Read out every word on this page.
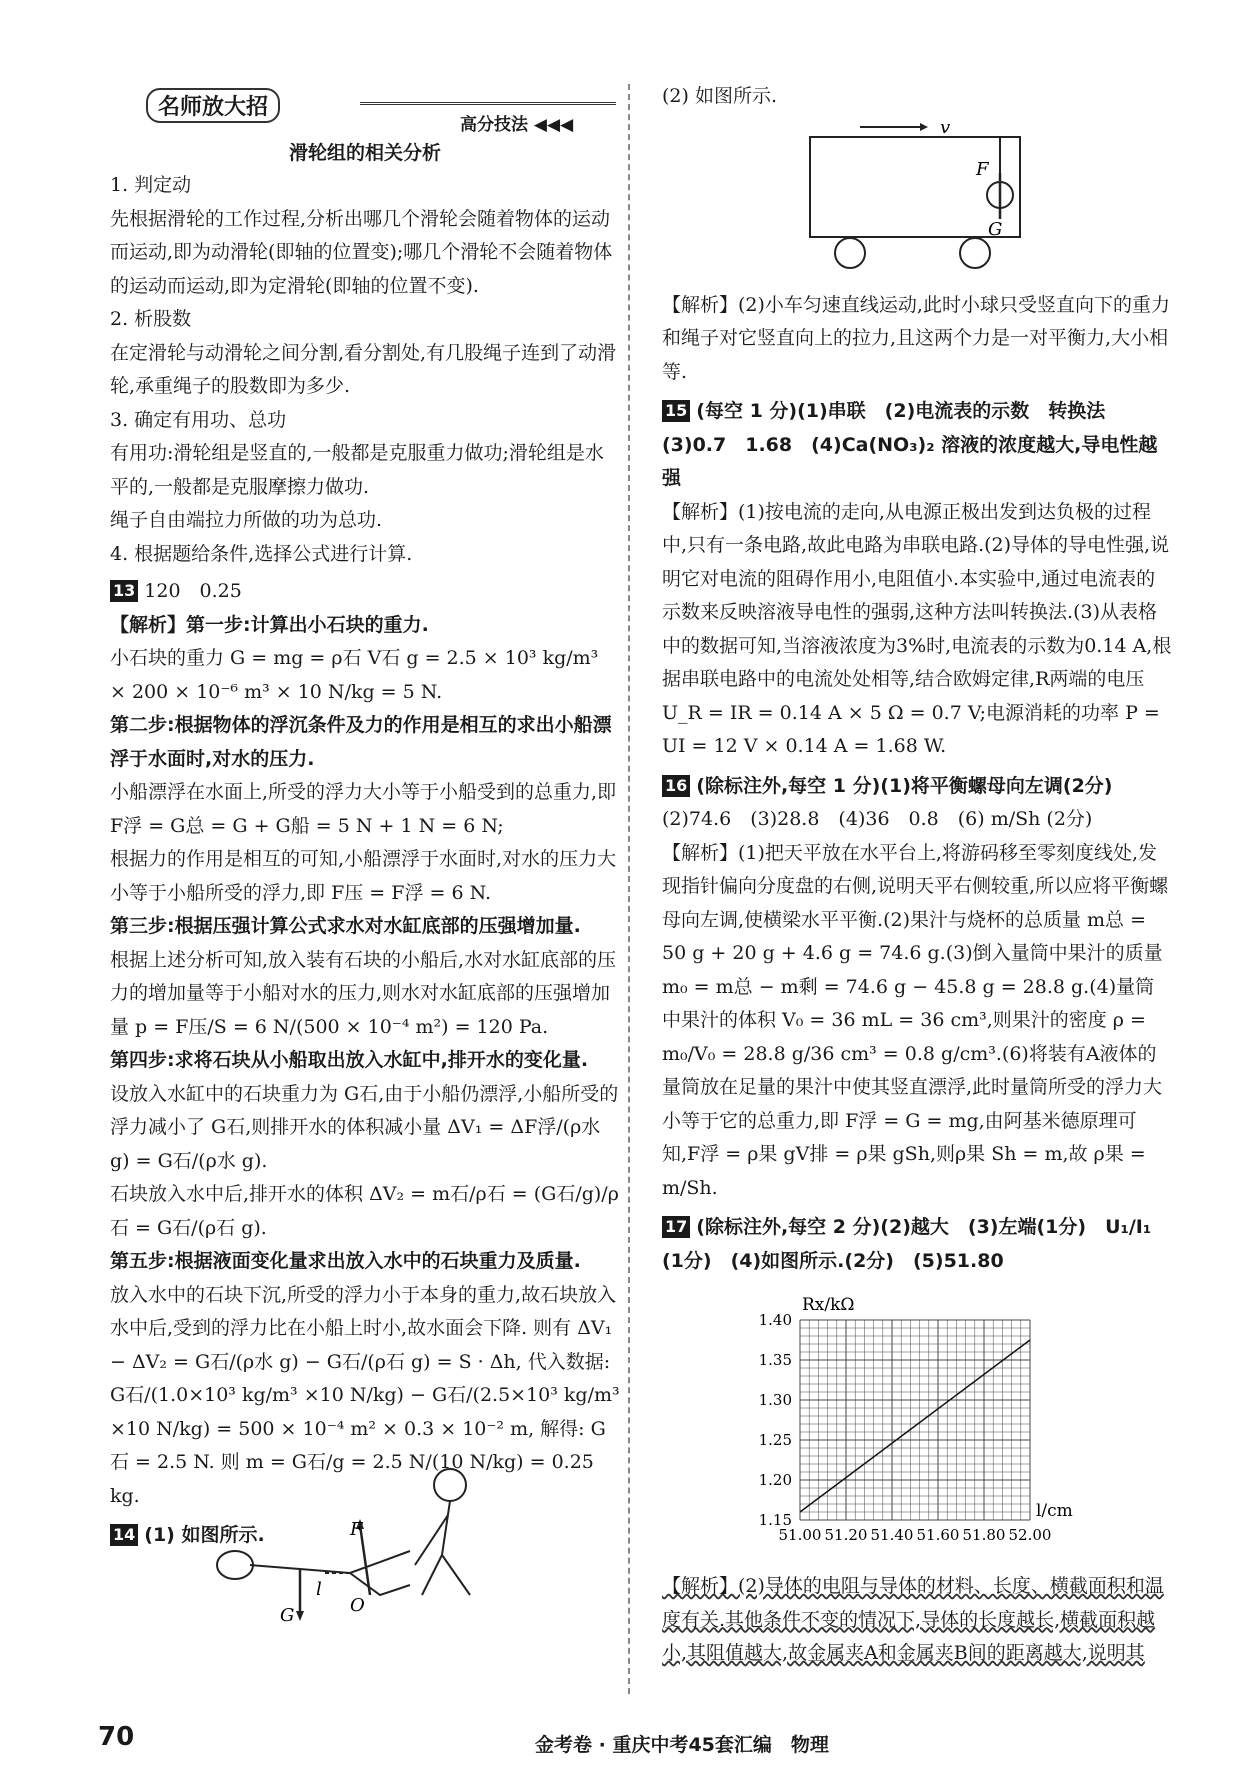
名师放大招
高分技法 ◀◀◀
滑轮组的相关分析

1. 判定动

先根据滑轮的工作过程,分析出哪几个滑轮会随着物体的运动而运动,即为动滑轮(即轴的位置变);哪几个滑轮不会随着物体的运动而运动,即为定滑轮(即轴的位置不变).

2. 析股数

在定滑轮与动滑轮之间分割,看分割处,有几股绳子连到了动滑轮,承重绳子的股数即为多少.

3. 确定有用功、总功

有用功:滑轮组是竖直的,一般都是克服重力做功;滑轮组是水平的,一般都是克服摩擦力做功.

绳子自由端拉力所做的功为总功.

4. 根据题给条件,选择公式进行计算.

13 120　0.25

【解析】第一步:计算出小石块的重力.

小石块的重力 G = mg = ρ石 V石 g = 2.5 × 10³ kg/m³ × 200 × 10⁻⁶ m³ × 10 N/kg = 5 N.

第二步:根据物体的浮沉条件及力的作用是相互的求出小船漂浮于水面时,对水的压力.

小船漂浮在水面上,所受的浮力大小等于小船受到的总重力,即F浮 = G总 = G + G船 = 5 N + 1 N = 6 N;

根据力的作用是相互的可知,小船漂浮于水面时,对水的压力大小等于小船所受的浮力,即 F压 = F浮 = 6 N.

第三步:根据压强计算公式求水对水缸底部的压强增加量.

根据上述分析可知,放入装有石块的小船后,水对水缸底部的压力的增加量等于小船对水的压力,则水对水缸底部的压强增加量 p = F压/S = 6 N/(500 × 10⁻⁴ m²) = 120 Pa.

第四步:求将石块从小船取出放入水缸中,排开水的变化量.

设放入水缸中的石块重力为 G石,由于小船仍漂浮,小船所受的浮力减小了 G石,则排开水的体积减小量 ΔV₁ = ΔF浮/(ρ水 g) = G石/(ρ水 g).

石块放入水中后,排开水的体积 ΔV₂ = m石/ρ石 = (G石/g)/ρ石 = G石/(ρ石 g).

第五步:根据液面变化量求出放入水中的石块重力及质量.

放入水中的石块下沉,所受的浮力小于本身的重力,故石块放入水中后,受到的浮力比在小船上时小,故水面会下降. 则有 ΔV₁ − ΔV₂ = G石/(ρ水 g) − G石/(ρ石 g) = S · Δh, 代入数据:

G石/(1.0×10³ kg/m³ ×10 N/kg) − G石/(2.5×10³ kg/m³ ×10 N/kg) = 500 × 10⁻⁴ m² × 0.3 × 10⁻² m, 解得: G石 = 2.5 N. 则 m = G石/g = 2.5 N/(10 N/kg) = 0.25 kg.

14 (1) 如图所示.	F
G
l
O

(2) 如图所示.

【解析】(2)小车匀速直线运动,此时小球只受竖直向下的重力和绳子对它竖直向上的拉力,且这两个力是一对平衡力,大小相等.

15 (每空 1 分)(1)串联　(2)电流表的示数　转换法　(3)0.7　1.68　(4)Ca(NO₃)₂ 溶液的浓度越大,导电性越强

【解析】(1)按电流的走向,从电源正极出发到达负极的过程中,只有一条电路,故此电路为串联电路.(2)导体的导电性强,说明它对电流的阻碍作用小,电阻值小.本实验中,通过电流表的示数来反映溶液导电性的强弱,这种方法叫转换法.(3)从表格中的数据可知,当溶液浓度为3%时,电流表的示数为0.14 A,根据串联电路中的电流处处相等,结合欧姆定律,R两端的电压 U_R = IR = 0.14 A × 5 Ω = 0.7 V;电源消耗的功率 P = UI = 12 V × 0.14 A = 1.68 W.

16 (除标注外,每空 1 分)(1)将平衡螺母向左调(2分)

(2)74.6　(3)28.8　(4)36　0.8　(6) m/Sh (2分)

【解析】(1)把天平放在水平台上,将游码移至零刻度线处,发现指针偏向分度盘的右侧,说明天平右侧较重,所以应将平衡螺母向左调,使横梁水平平衡.(2)果汁与烧杯的总质量 m总 = 50 g + 20 g + 4.6 g = 74.6 g.(3)倒入量筒中果汁的质量 m₀ = m总 − m剩 = 74.6 g − 45.8 g = 28.8 g.(4)量筒中果汁的体积 V₀ = 36 mL = 36 cm³,则果汁的密度 ρ = m₀/V₀ = 28.8 g/36 cm³ = 0.8 g/cm³.(6)将装有A液体的量筒放在足量的果汁中使其竖直漂浮,此时量筒所受的浮力大小等于它的总重力,即 F浮 = G = mg,由阿基米德原理可知,F浮 = ρ果 gV排 = ρ果 gSh,则ρ果 Sh = m,故 ρ果 = m/Sh.

17 (除标注外,每空 2 分)(2)越大　(3)左端(1分)　U₁/I₁

(1分)　(4)如图所示.(2分)　(5)51.80

v
F
G
1.15
1.20
1.25
1.30
1.35
1.40
51.00 51.20 51.40 51.60 51.80 52.00
Rx/kΩ
l/cm

【解析】(2)导体的电阻与导体的材料、长度、横截面积和温度有关.其他条件不变的情况下,导体的长度越长,横截面积越小,其阻值越大,故金属夹A和金属夹B间的距离越大,说明其

70	金考卷 · 重庆中考45套汇编　物理
